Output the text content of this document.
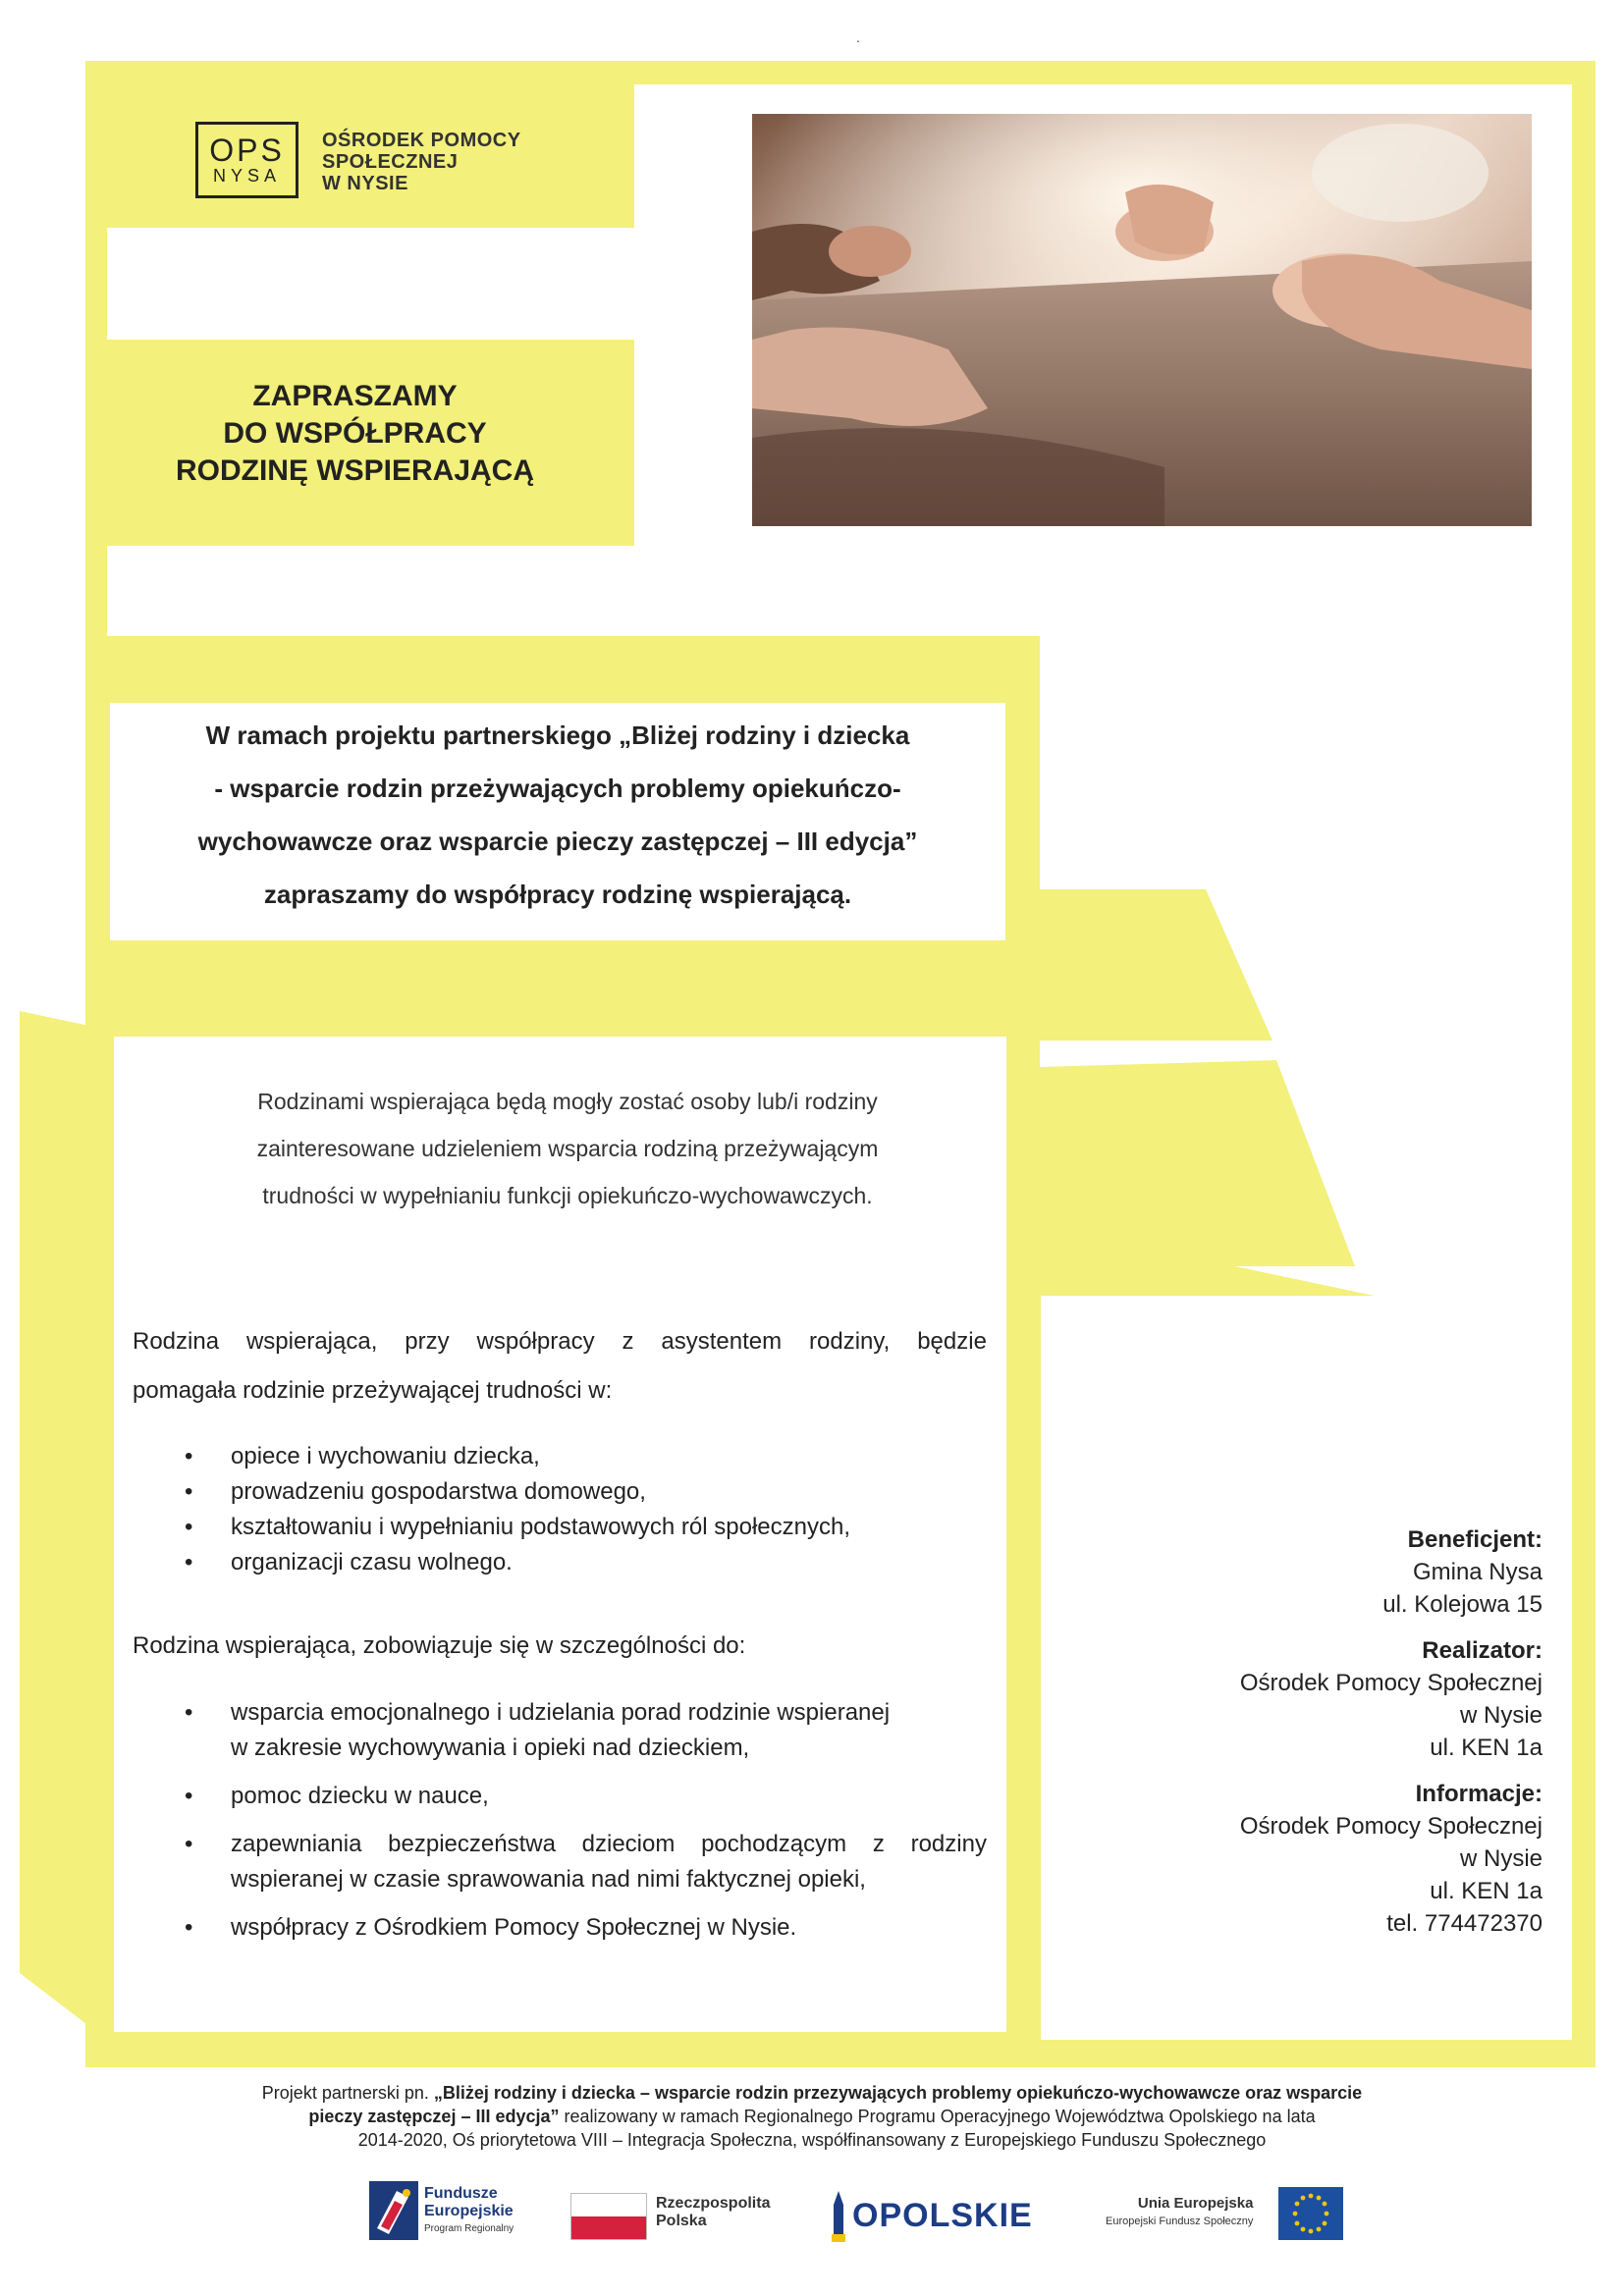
.
OPS
NYSA
OŚRODEK POMOCY
SPOŁECZNEJ
W NYSIE
ZAPRASZAMY
DO WSPÓŁPRACY
RODZINĘ WSPIERAJĄCĄ
W ramach projektu partnerskiego „Bliżej rodziny i dziecka
- wsparcie rodzin przeżywających problemy opiekuńczo-
wychowawcze oraz wsparcie pieczy zastępczej – III edycja”
zapraszamy do współpracy rodzinę wspierającą.
Rodzinami wspierająca będą mogły zostać osoby lub/i rodziny
zainteresowane udzieleniem wsparcia rodziną przeżywającym
trudności w wypełnianiu funkcji opiekuńczo-wychowawczych.
Rodzina wspierająca, przy współpracy z asystentem rodziny, będzie
pomagała rodzinie przeżywającej trudności w:
• opiece i wychowaniu dziecka,
• prowadzeniu gospodarstwa domowego,
• kształtowaniu i wypełnianiu podstawowych ról społecznych,
• organizacji czasu wolnego.
Rodzina wspierająca, zobowiązuje się w szczególności do:
• wsparcia emocjonalnego i udzielania porad rodzinie wspieranej
w zakresie wychowywania i opieki nad dzieckiem,
• pomoc dziecku w nauce,
• zapewniania bezpieczeństwa dzieciom pochodzącym z rodziny
wspieranej w czasie sprawowania nad nimi faktycznej opieki,
• współpracy z Ośrodkiem Pomocy Społecznej w Nysie.
Beneficjent:
Gmina Nysa
ul. Kolejowa 15
Realizator:
Ośrodek Pomocy Społecznej
w Nysie
ul. KEN 1a
Informacje:
Ośrodek Pomocy Społecznej
w Nysie
ul. KEN 1a
tel. 774472370
Projekt partnerski pn. „Bliżej rodziny i dziecka – wsparcie rodzin przezywających problemy opiekuńczo-wychowawcze oraz wsparcie
pieczy zastępczej – III edycja” realizowany w ramach Regionalnego Programu Operacyjnego Województwa Opolskiego na lata
2014-2020, Oś priorytetowa VIII – Integracja Społeczna, współfinansowany z Europejskiego Funduszu Społecznego
Fundusze
Europejskie
Program Regionalny
Rzeczpospolita
Polska	OPOLSKIE	Unia Europejska
Europejski Fundusz Społeczny
